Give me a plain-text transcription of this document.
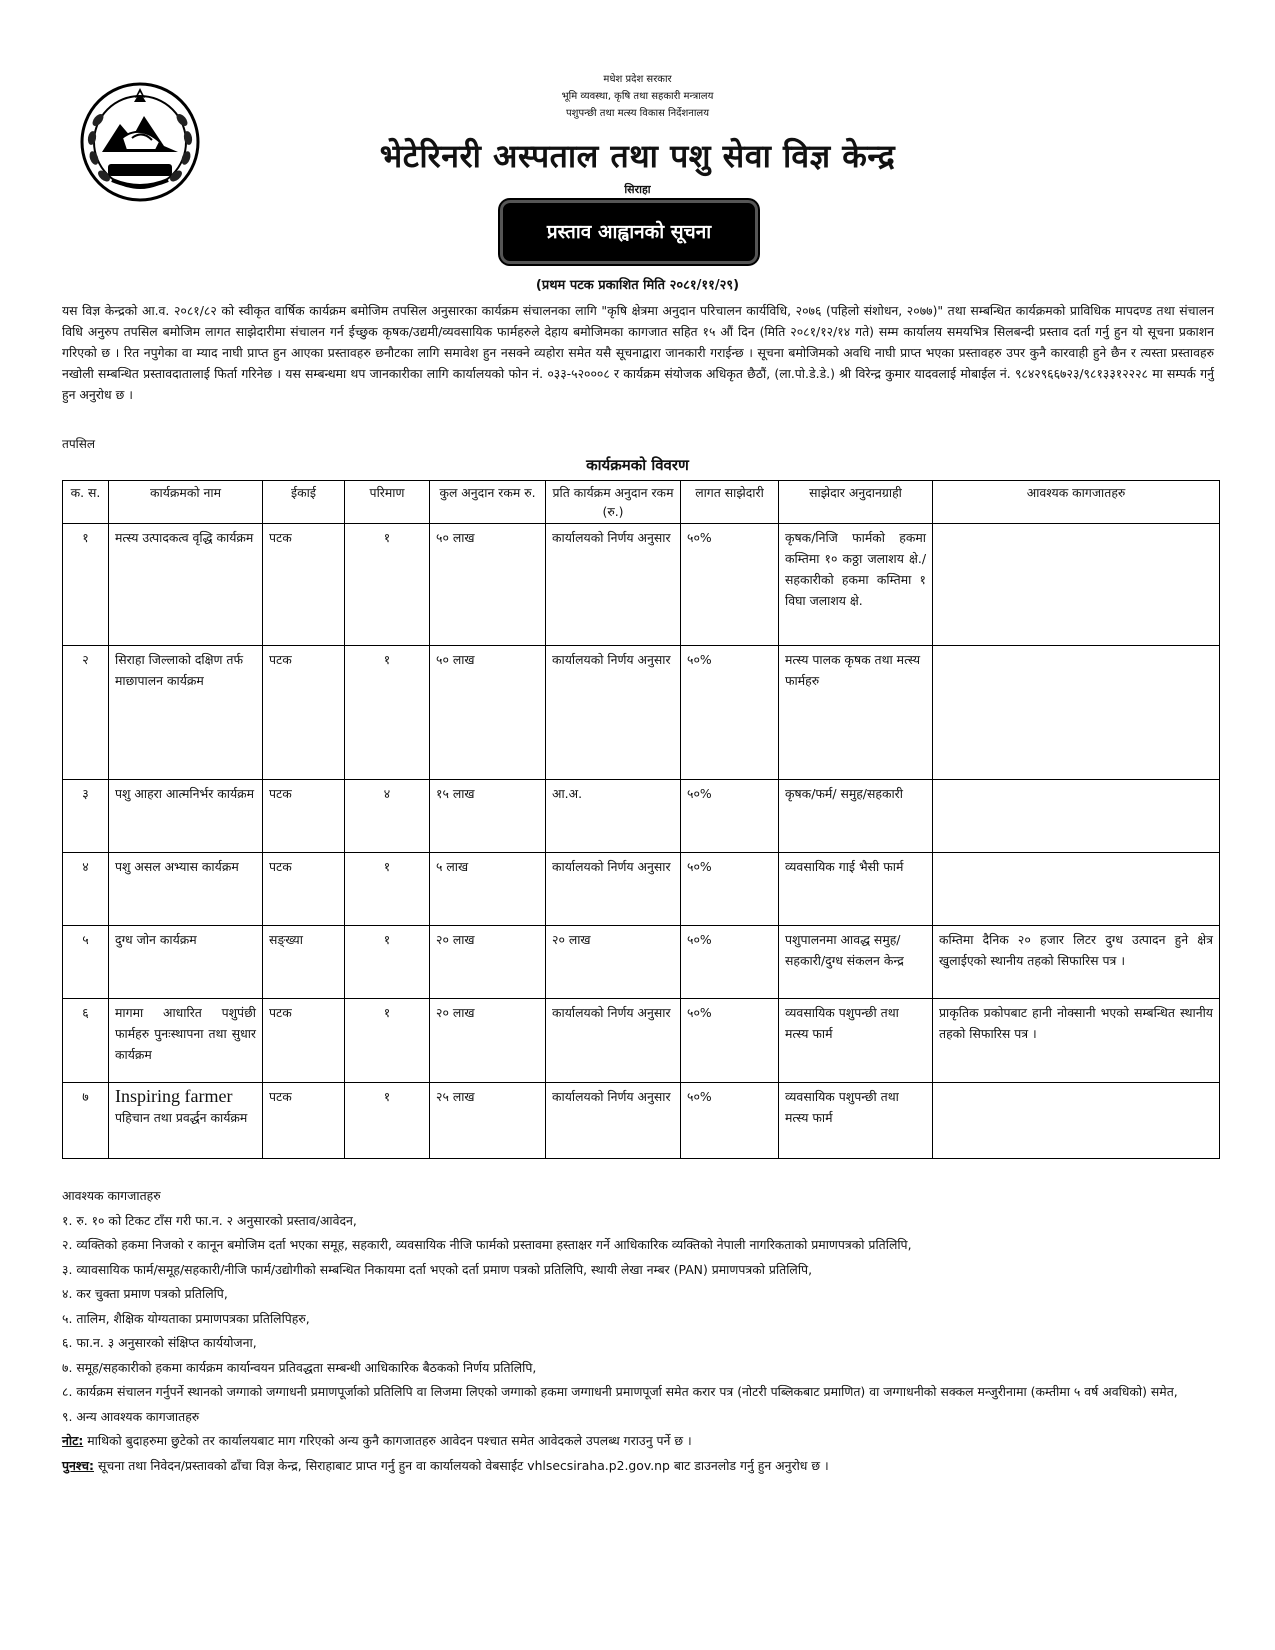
मधेश प्रदेश सरकार
भूमि व्यवस्था, कृषि तथा सहकारी मन्त्रालय
पशुपन्छी तथा मत्स्य विकास निर्देशनालय
भेटेरिनरी अस्पताल तथा पशु सेवा विज्ञ केन्द्र
सिराहा
प्रस्ताव आह्वानको सूचना
(प्रथम पटक प्रकाशित मिति २०८१/११/२९)
यस विज्ञ केन्द्रको आ.व. २०८१/८२ को स्वीकृत वार्षिक कार्यक्रम बमोजिम तपसिल अनुसारका कार्यक्रम संचालनका लागि "कृषि क्षेत्रमा अनुदान परिचालन कार्यविधि, २०७६ (पहिलो संशोधन, २०७७)" तथा सम्बन्धित कार्यक्रमको प्राविधिक मापदण्ड तथा संचालन विधि अनुरुप तपसिल बमोजिम लागत साझेदारीमा संचालन गर्न ईच्छुक कृषक/उद्यमी/व्यवसायिक फार्महरुले देहाय बमोजिमका कागजात सहित १५ औं दिन (मिति २०८१/१२/१४ गते) सम्म कार्यालय समयभित्र सिलबन्दी प्रस्ताव दर्ता गर्नु हुन यो सूचना प्रकाशन गरिएको छ । रित नपुगेका वा म्याद नाघी प्राप्त हुन आएका प्रस्तावहरु छनौटका लागि समावेश हुन नसक्ने व्यहोरा समेत यसै सूचनाद्वारा जानकारी गराईन्छ । सूचना बमोजिमको अवधि नाघी प्राप्त भएका प्रस्तावहरु उपर कुनै कारवाही हुने छैन र त्यस्ता प्रस्तावहरु नखोली सम्बन्धित प्रस्तावदातालाई फिर्ता गरिनेछ । यस सम्बन्धमा थप जानकारीका लागि कार्यालयको फोन नं. ०३३-५२०००८ र कार्यक्रम संयोजक अधिकृत छैठौं, (ला.पो.डे.डे.) श्री विरेन्द्र कुमार यादवलाई मोबाईल नं. ९८४२९६६७२३/९८१३३१२२२८ मा सम्पर्क गर्नु हुन अनुरोध छ ।
तपसिल
कार्यक्रमको विवरण
क. स.	कार्यक्रमको नाम	ईकाई	परिमाण	कुल अनुदान रकम रु.	प्रति कार्यक्रम अनुदान रकम (रु.)	लागत साझेदारी	साझेदार अनुदानग्राही	आवश्यक कागजातहरु
१	मत्स्य उत्पादकत्व वृद्धि कार्यक्रम	पटक	१	५० लाख	कार्यालयको निर्णय अनुसार	५०%	कृषक/निजि फार्मको हकमा कम्तिमा १० कठ्ठा जलाशय क्षे./ सहकारीको हकमा कम्तिमा १ विघा जलाशय क्षे.	
२	सिराहा जिल्लाको दक्षिण तर्फ माछापालन कार्यक्रम	पटक	१	५० लाख	कार्यालयको निर्णय अनुसार	५०%	मत्स्य पालक कृषक तथा मत्स्य फार्महरु	
३	पशु आहरा आत्मनिर्भर कार्यक्रम	पटक	४	१५ लाख	आ.अ.	५०%	कृषक/फर्म/ समुह/सहकारी	
४	पशु असल अभ्यास कार्यक्रम	पटक	१	५ लाख	कार्यालयको निर्णय अनुसार	५०%	व्यवसायिक गाई भैसी फार्म	
५	दुग्ध जोन कार्यक्रम	सङ्ख्या	१	२० लाख	२० लाख	५०%	पशुपालनमा आवद्ध समुह/ सहकारी/दुग्ध संकलन केन्द्र	कम्तिमा दैनिक २० हजार लिटर दुग्ध उत्पादन हुने क्षेत्र खुलाईएको स्थानीय तहको सिफारिस पत्र ।
६	मागमा आधारित पशुपंछी फार्महरु पुनःस्थापना तथा सुधार कार्यक्रम	पटक	१	२० लाख	कार्यालयको निर्णय अनुसार	५०%	व्यवसायिक पशुपन्छी तथा मत्स्य फार्म	प्राकृतिक प्रकोपबाट हानी नोक्सानी भएको सम्बन्धित स्थानीय तहको सिफारिस पत्र ।
७	Inspiring farmer
पहिचान तथा प्रवर्द्धन कार्यक्रम	पटक	१	२५ लाख	कार्यालयको निर्णय अनुसार	५०%	व्यवसायिक पशुपन्छी तथा मत्स्य फार्म	
आवश्यक कागजातहरु
१. रु. १० को टिकट टाँस गरी फा.न. २ अनुसारको प्रस्ताव/आवेदन,
२. व्यक्तिको हकमा निजको र कानून बमोजिम दर्ता भएका समूह, सहकारी, व्यवसायिक नीजि फार्मको प्रस्तावमा हस्ताक्षर गर्ने आधिकारिक व्यक्तिको नेपाली नागरिकताको प्रमाणपत्रको प्रतिलिपि,
३. व्यावसायिक फार्म/समूह/सहकारी/नीजि फार्म/उद्योगीको सम्बन्धित निकायमा दर्ता भएको दर्ता प्रमाण पत्रको प्रतिलिपि, स्थायी लेखा नम्बर (PAN) प्रमाणपत्रको प्रतिलिपि,
४. कर चुक्ता प्रमाण पत्रको प्रतिलिपि,
५. तालिम, शैक्षिक योग्यताका प्रमाणपत्रका प्रतिलिपिहरु,
६. फा.न. ३ अनुसारको संक्षिप्त कार्ययोजना,
७. समूह/सहकारीको हकमा कार्यक्रम कार्यान्वयन प्रतिवद्धता सम्बन्धी आधिकारिक बैठकको निर्णय प्रतिलिपि,
८. कार्यक्रम संचालन गर्नुपर्ने स्थानको जग्गाको जग्गाधनी प्रमाणपूर्जाको प्रतिलिपि वा लिजमा लिएको जग्गाको हकमा जग्गाधनी प्रमाणपूर्जा समेत करार पत्र (नोटरी पब्लिकबाट प्रमाणित) वा जग्गाधनीको सक्कल मन्जुरीनामा (कम्तीमा ५ वर्ष अवधिको) समेत,
९. अन्य आवश्यक कागजातहरु
नोट: माथिको बुदाहरुमा छुटेको तर कार्यालयबाट माग गरिएको अन्य कुनै कागजातहरु आवेदन पश्चात समेत आवेदकले उपलब्ध गराउनु पर्ने छ ।
पुनश्च: सूचना तथा निवेदन/प्रस्तावको ढाँचा विज्ञ केन्द्र, सिराहाबाट प्राप्त गर्नु हुन वा कार्यालयको वेबसाईट vhlsecsiraha.p2.gov.np बाट डाउनलोड गर्नु हुन अनुरोध छ ।
